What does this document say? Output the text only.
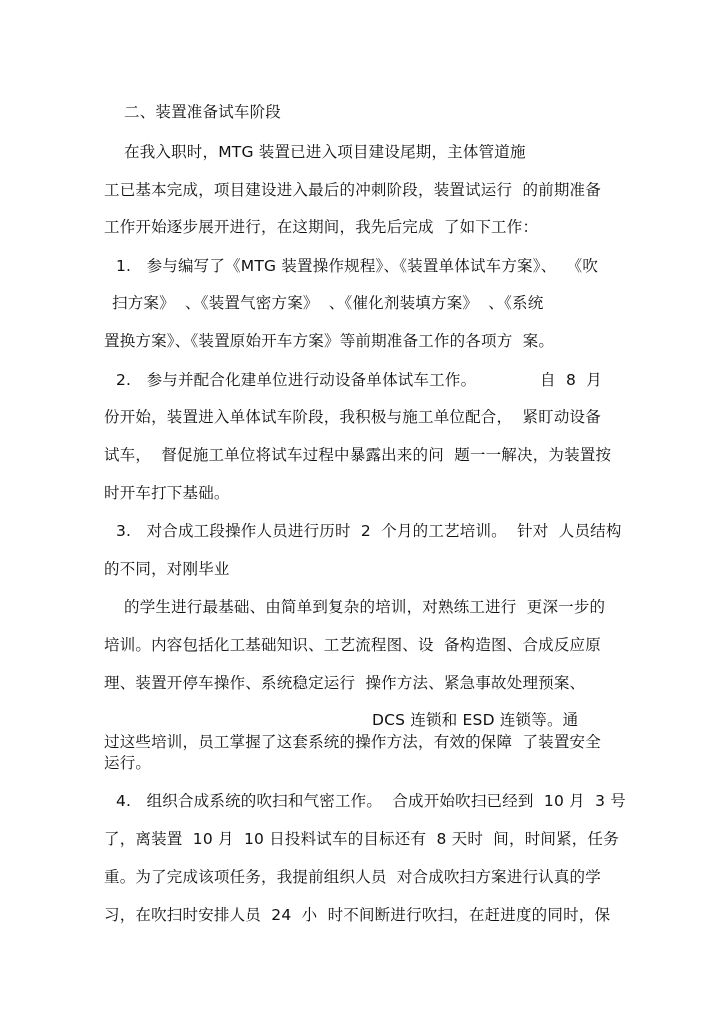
二、装置准备试车阶段
在我入职时，MTG 装置已进入项目建设尾期，主体管道施
工已基本完成，项目建设进入最后的冲刺阶段，装置试运行  的前期准备
工作开始逐步展开进行，在这期间，我先后完成  了如下工作：
1.   参与编写了《MTG 装置操作规程》、《装置单体试车方案》、  《吹
扫方案》  、《装置气密方案》  、《催化剂装填方案》  、《系统
置换方案》、《装置原始开车方案》等前期准备工作的各项方  案。
2.   参与并配合化建单位进行动设备单体试车工作。	自  8  月
份开始，装置进入单体试车阶段，我积极与施工单位配合，  紧盯动设备
试车，  督促施工单位将试车过程中暴露出来的问  题一一解决，为装置按
时开车打下基础。
3.   对合成工段操作人员进行历时  2  个月的工艺培训。  针对  人员结构
的不同，对刚毕业
的学生进行最基础、由简单到复杂的培训，对熟练工进行  更深一步的
培训。内容包括化工基础知识、工艺流程图、设  备构造图、合成反应原
理、装置开停车操作、系统稳定运行  操作方法、紧急事故处理预案、
DCS 连锁和 ESD 连锁等。通
过这些培训，员工掌握了这套系统的操作方法，有效的保障  了装置安全
运行。
4.   组织合成系统的吹扫和气密工作。  合成开始吹扫已经到  10 月  3 号
了，离装置  10 月  10 日投料试车的目标还有  8 天时  间，时间紧，任务
重。为了完成该项任务，我提前组织人员  对合成吹扫方案进行认真的学
习，在吹扫时安排人员  24  小  时不间断进行吹扫，在赶进度的同时，保
